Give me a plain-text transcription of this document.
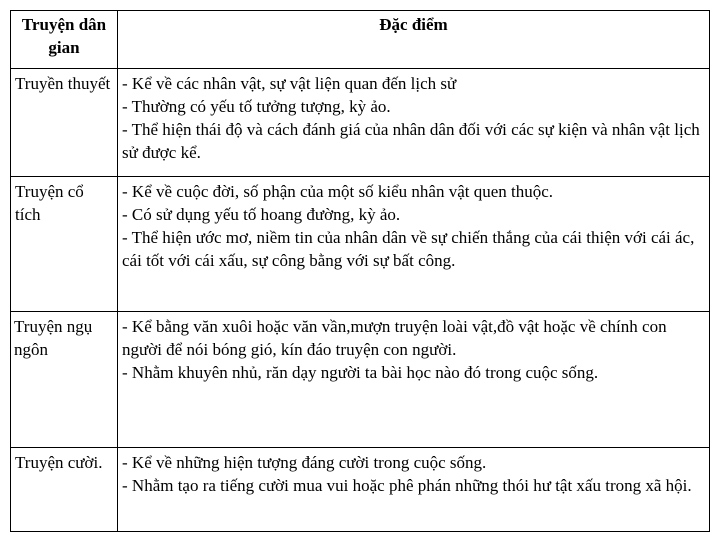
Truyện dân gian	Đặc điểm
Truyền thuyết	- Kể về các nhân vật, sự vật liện quan đến lịch sử
- Thường có yếu tố tưởng tượng, kỳ ảo.
- Thể hiện thái độ và cách đánh giá của nhân dân đối với các sự kiện và nhân vật lịch sử được kể.

Truyện cổ tích	- Kể về cuộc đời, số phận của một số kiểu nhân vật quen thuộc.
- Có sử dụng yếu tố hoang đường, kỳ ảo.
- Thể hiện ước mơ, niềm tin của nhân dân về sự chiến thắng của cái thiện với cái ác, cái tốt với cái xấu, sự công bằng với sự bất công.

Truyện ngụ ngôn	- Kể bằng văn xuôi hoặc văn vần,mượn truyện loài vật,đồ vật hoặc về chính con người để nói bóng gió, kín đáo truyện con người.
- Nhằm khuyên nhủ, răn dạy người ta bài học nào đó trong cuộc sống.

Truyện cười.	- Kể về những hiện tượng đáng cười trong cuộc sống.
- Nhằm tạo ra tiếng cười mua vui hoặc phê phán những thói hư tật xấu trong xã hội.
